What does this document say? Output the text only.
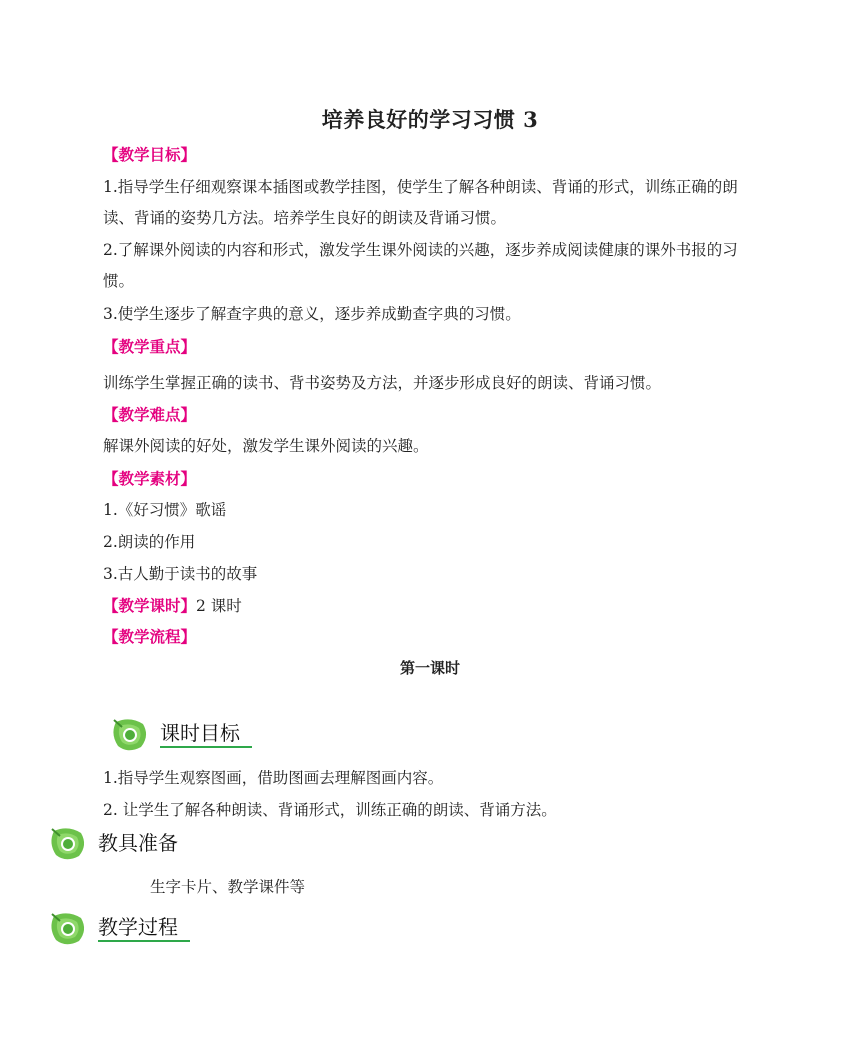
培养良好的学习习惯 3
【教学目标】
1.指导学生仔细观察课本插图或教学挂图，使学生了解各种朗读、背诵的形式，训练正确的朗读、背诵的姿势几方法。培养学生良好的朗读及背诵习惯。
2.了解课外阅读的内容和形式，激发学生课外阅读的兴趣，逐步养成阅读健康的课外书报的习惯。
3.使学生逐步了解查字典的意义，逐步养成勤查字典的习惯。
【教学重点】
训练学生掌握正确的读书、背书姿势及方法，并逐步形成良好的朗读、背诵习惯。
【教学难点】
解课外阅读的好处，激发学生课外阅读的兴趣。
【教学素材】
1.《好习惯》歌谣
2.朗读的作用
3.古人勤于读书的故事
【教学课时】2 课时
【教学流程】
第一课时
课时目标
1.指导学生观察图画，借助图画去理解图画内容。
2. 让学生了解各种朗读、背诵形式，训练正确的朗读、背诵方法。
教具准备
生字卡片、教学课件等
教学过程
